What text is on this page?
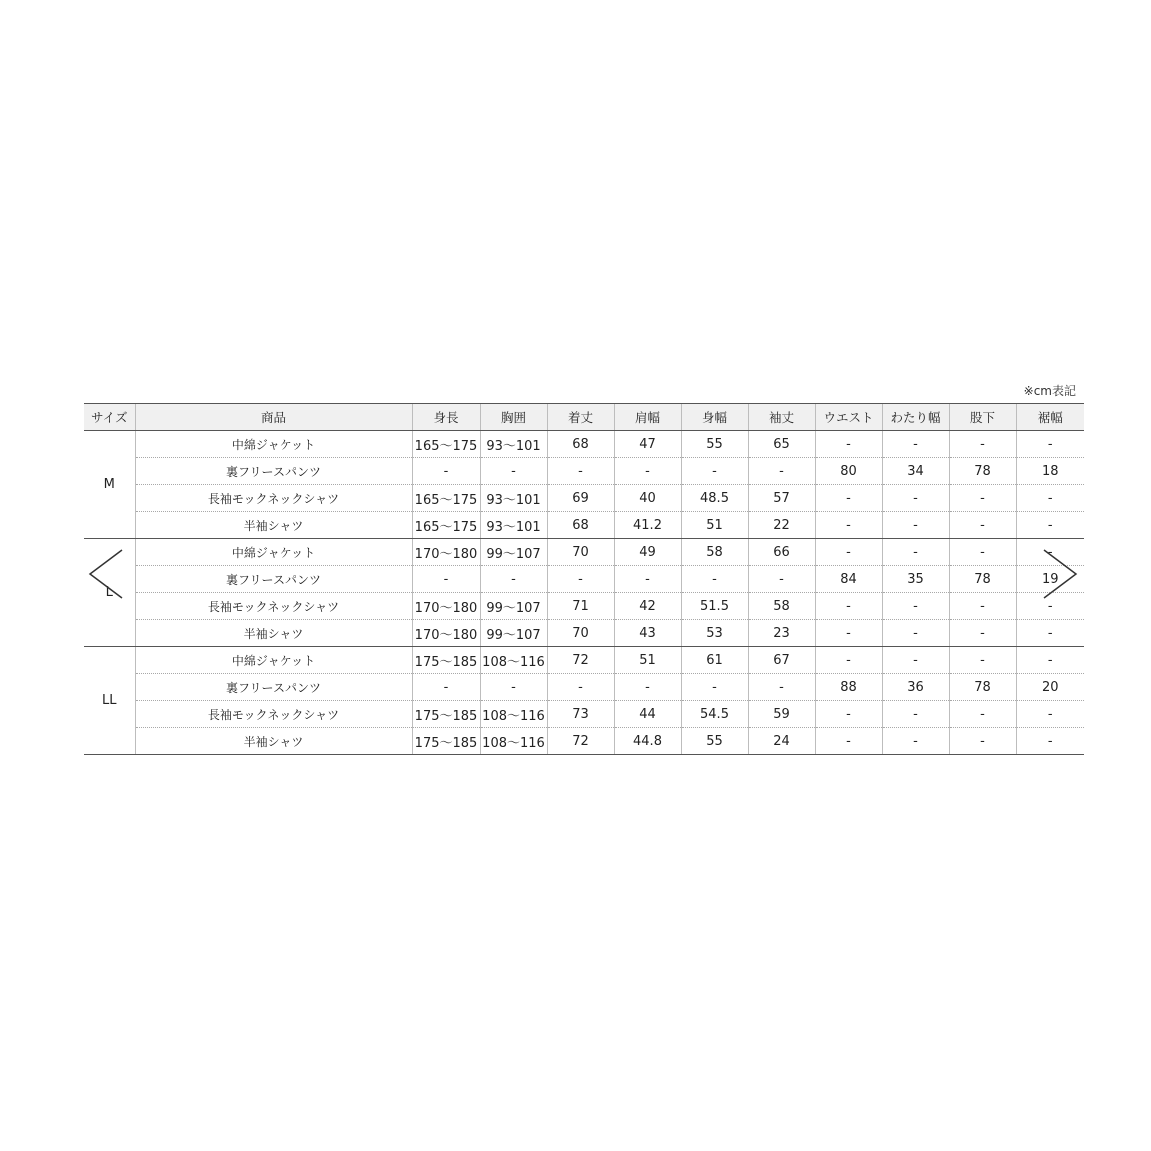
※cm表記
サイズ	商品	身長	胸囲	着丈	肩幅	身幅	袖丈	ウエスト	わたり幅	股下	裾幅
M	中綿ジャケット	165～175	93～101	68	47	55	65	-	-	-	-
	裏フリースパンツ	-	-	-	-	-	-	80	34	78	18
	長袖モックネックシャツ	165～175	93～101	69	40	48.5	57	-	-	-	-
	半袖シャツ	165～175	93～101	68	41.2	51	22	-	-	-	-
L	中綿ジャケット	170～180	99～107	70	49	58	66	-	-	-	-
	裏フリースパンツ	-	-	-	-	-	-	84	35	78	19
	長袖モックネックシャツ	170～180	99～107	71	42	51.5	58	-	-	-	-
	半袖シャツ	170～180	99～107	70	43	53	23	-	-	-	-
LL	中綿ジャケット	175～185	108～116	72	51	61	67	-	-	-	-
	裏フリースパンツ	-	-	-	-	-	-	88	36	78	20
	長袖モックネックシャツ	175～185	108～116	73	44	54.5	59	-	-	-	-
	半袖シャツ	175～185	108～116	72	44.8	55	24	-	-	-	-
